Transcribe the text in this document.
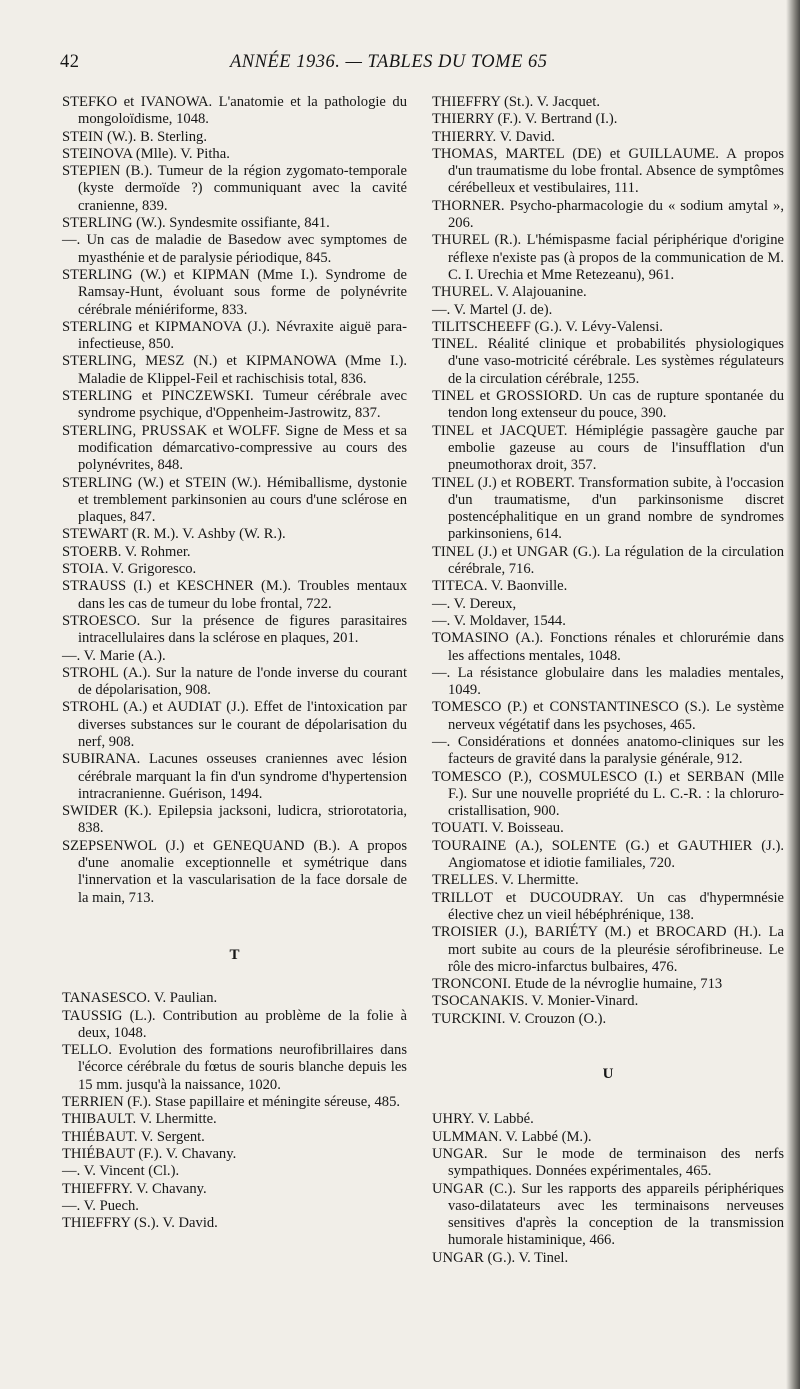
42	ANNÉE 1936. — TABLES DU TOME 65
STEFKO et IVANOWA. L'anatomie et la pathologie du mongoloïdisme, 1048.
STEIN (W.). B. Sterling.
STEINOVA (Mlle). V. Pitha.
STEPIEN (B.). Tumeur de la région zygomato-temporale (kyste dermoïde ?) communiquant avec la cavité cranienne, 839.
STERLING (W.). Syndesmite ossifiante, 841.
—. Un cas de maladie de Basedow avec symptomes de myasthénie et de paralysie périodique, 845.
STERLING (W.) et KIPMAN (Mme I.). Syndrome de Ramsay-Hunt, évoluant sous forme de polynévrite cérébrale méniériforme, 833.
STERLING et KIPMANOVA (J.). Névraxite aiguë para-infectieuse, 850.
STERLING, MESZ (N.) et KIPMANOWA (Mme I.). Maladie de Klippel-Feil et rachischisis total, 836.
STERLING et PINCZEWSKI. Tumeur cérébrale avec syndrome psychique, d'Oppenheim-Jastrowitz, 837.
STERLING, PRUSSAK et WOLFF. Signe de Mess et sa modification démarcativo-compressive au cours des polynévrites, 848.
STERLING (W.) et STEIN (W.). Hémiballisme, dystonie et tremblement parkinsonien au cours d'une sclérose en plaques, 847.
STEWART (R. M.). V. Ashby (W. R.).
STOERB. V. Rohmer.
STOIA. V. Grigoresco.
STRAUSS (I.) et KESCHNER (M.). Troubles mentaux dans les cas de tumeur du lobe frontal, 722.
STROESCO. Sur la présence de figures parasitaires intracellulaires dans la sclérose en plaques, 201.
—. V. Marie (A.).
STROHL (A.). Sur la nature de l'onde inverse du courant de dépolarisation, 908.
STROHL (A.) et AUDIAT (J.). Effet de l'intoxication par diverses substances sur le courant de dépolarisation du nerf, 908.
SUBIRANA. Lacunes osseuses craniennes avec lésion cérébrale marquant la fin d'un syndrome d'hypertension intracranienne. Guérison, 1494.
SWIDER (K.). Epilepsia jacksoni, ludicra, striorotatoria, 838.
SZEPSENWOL (J.) et GENEQUAND (B.). A propos d'une anomalie exceptionnelle et symétrique dans l'innervation et la vascularisation de la face dorsale de la main, 713.
T
TANASESCO. V. Paulian.
TAUSSIG (L.). Contribution au problème de la folie à deux, 1048.
TELLO. Evolution des formations neurofibrillaires dans l'écorce cérébrale du fœtus de souris blanche depuis les 15 mm. jusqu'à la naissance, 1020.
TERRIEN (F.). Stase papillaire et méningite séreuse, 485.
THIBAULT. V. Lhermitte.
THIÉBAUT. V. Sergent.
THIÉBAUT (F.). V. Chavany.
—. V. Vincent (Cl.).
THIEFFRY. V. Chavany.
—. V. Puech.
THIEFFRY (S.). V. David.
THIEFFRY (St.). V. Jacquet.
THIERRY (F.). V. Bertrand (I.).
THIERRY. V. David.
THOMAS, MARTEL (DE) et GUILLAUME. A propos d'un traumatisme du lobe frontal. Absence de symptômes cérébelleux et vestibulaires, 111.
THORNER. Psycho-pharmacologie du « sodium amytal », 206.
THUREL (R.). L'hémispasme facial périphérique d'origine réflexe n'existe pas (à propos de la communication de M. C. I. Urechia et Mme Retezeanu), 961.
THUREL. V. Alajouanine.
—. V. Martel (J. de).
TILITSCHEEFF (G.). V. Lévy-Valensi.
TINEL. Réalité clinique et probabilités physiologiques d'une vaso-motricité cérébrale. Les systèmes régulateurs de la circulation cérébrale, 1255.
TINEL et GROSSIORD. Un cas de rupture spontanée du tendon long extenseur du pouce, 390.
TINEL et JACQUET. Hémiplégie passagère gauche par embolie gazeuse au cours de l'insufflation d'un pneumothorax droit, 357.
TINEL (J.) et ROBERT. Transformation subite, à l'occasion d'un traumatisme, d'un parkinsonisme discret postencéphalitique en un grand nombre de syndromes parkinsoniens, 614.
TINEL (J.) et UNGAR (G.). La régulation de la circulation cérébrale, 716.
TITECA. V. Baonville.
—. V. Dereux,
—. V. Moldaver, 1544.
TOMASINO (A.). Fonctions rénales et chlorurémie dans les affections mentales, 1048.
—. La résistance globulaire dans les maladies mentales, 1049.
TOMESCO (P.) et CONSTANTINESCO (S.). Le système nerveux végétatif dans les psychoses, 465.
—. Considérations et données anatomo-cliniques sur les facteurs de gravité dans la paralysie générale, 912.
TOMESCO (P.), COSMULESCO (I.) et SERBAN (Mlle F.). Sur une nouvelle propriété du L. C.-R. : la chloruro-cristallisation, 900.
TOUATI. V. Boisseau.
TOURAINE (A.), SOLENTE (G.) et GAUTHIER (J.). Angiomatose et idiotie familiales, 720.
TRELLES. V. Lhermitte.
TRILLOT et DUCOUDRAY. Un cas d'hypermnésie élective chez un vieil hébéphrénique, 138.
TROISIER (J.), BARIÉTY (M.) et BROCARD (H.). La mort subite au cours de la pleurésie sérofibrineuse. Le rôle des micro-infarctus bulbaires, 476.
TRONCONI. Etude de la névroglie humaine, 713
TSOCANAKIS. V. Monier-Vinard.
TURCKINI. V. Crouzon (O.).
U
UHRY. V. Labbé.
ULMMAN. V. Labbé (M.).
UNGAR. Sur le mode de terminaison des nerfs sympathiques. Données expérimentales, 465.
UNGAR (C.). Sur les rapports des appareils périphériques vaso-dilatateurs avec les terminaisons nerveuses sensitives d'après la conception de la transmission humorale histaminique, 466.
UNGAR (G.). V. Tinel.
